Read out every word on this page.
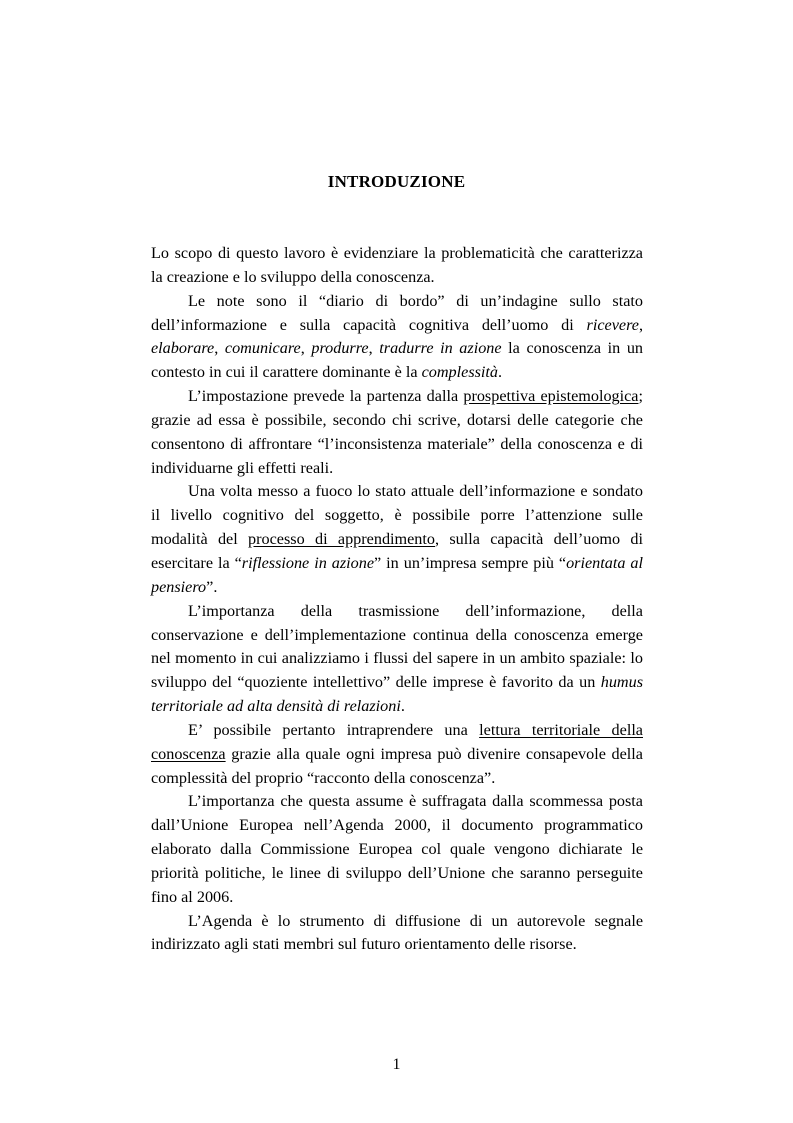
INTRODUZIONE

Lo scopo di questo lavoro è evidenziare la problematicità che caratterizza la creazione e lo sviluppo della conoscenza.

Le note sono il “diario di bordo” di un’indagine sullo stato dell’informazione e sulla capacità cognitiva dell’uomo di ricevere, elaborare, comunicare, produrre, tradurre in azione la conoscenza in un contesto in cui il carattere dominante è la complessità.

L’impostazione prevede la partenza dalla prospettiva epistemologica; grazie ad essa è possibile, secondo chi scrive, dotarsi delle categorie che consentono di affrontare “l’inconsistenza materiale” della conoscenza e di individuarne gli effetti reali.

Una volta messo a fuoco lo stato attuale dell’informazione e sondato il livello cognitivo del soggetto, è possibile porre l’attenzione sulle modalità del processo di apprendimento, sulla capacità dell’uomo di esercitare la “riflessione in azione” in un’impresa sempre più “orientata al pensiero”.

L’importanza della trasmissione dell’informazione, della conservazione e dell’implementazione continua della conoscenza emerge nel momento in cui analizziamo i flussi del sapere in un ambito spaziale: lo sviluppo del “quoziente intellettivo” delle imprese è favorito da un humus territoriale ad alta densità di relazioni.

E’ possibile pertanto intraprendere una lettura territoriale della conoscenza grazie alla quale ogni impresa può divenire consapevole della complessità del proprio “racconto della conoscenza”.

L’importanza che questa assume è suffragata dalla scommessa posta dall’Unione Europea nell’Agenda 2000, il documento programmatico elaborato dalla Commissione Europea col quale vengono dichiarate le priorità politiche, le linee di sviluppo dell’Unione che saranno perseguite fino al 2006.

L’Agenda è lo strumento di diffusione di un autorevole segnale indirizzato agli stati membri sul futuro orientamento delle risorse.

1
